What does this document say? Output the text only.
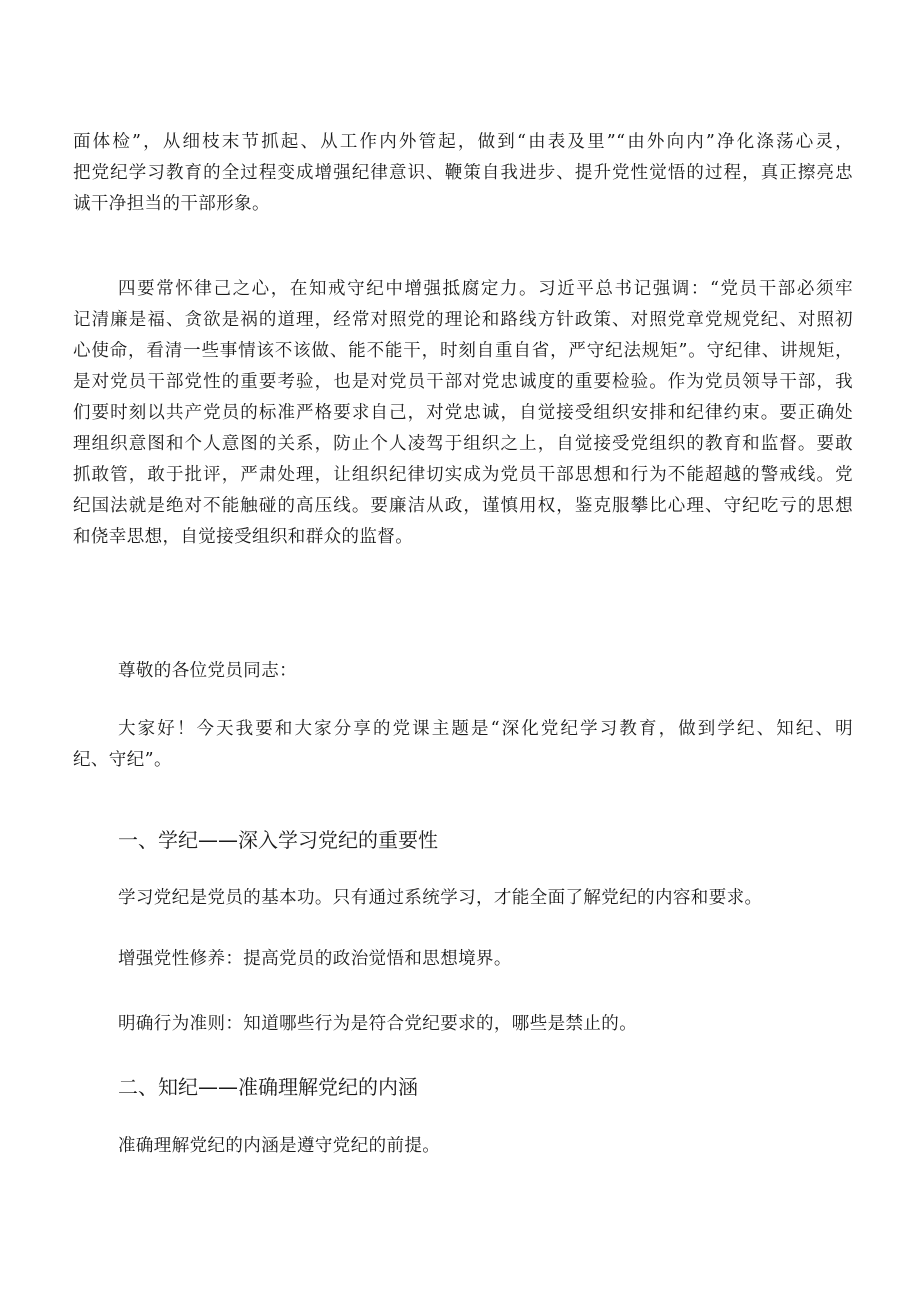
面体检”，从细枝末节抓起、从工作内外管起，做到“由表及里”“由外向内”净化涤荡心灵，
把党纪学习教育的全过程变成增强纪律意识、鞭策自我进步、提升党性觉悟的过程，真正擦亮忠
诚干净担当的干部形象。
四要常怀律己之心，在知戒守纪中增强抵腐定力。习近平总书记强调：“党员干部必须牢
记清廉是福、贪欲是祸的道理，经常对照党的理论和路线方针政策、对照党章党规党纪、对照初
心使命，看清一些事情该不该做、能不能干，时刻自重自省，严守纪法规矩”。守纪律、讲规矩，
是对党员干部党性的重要考验，也是对党员干部对党忠诚度的重要检验。作为党员领导干部，我
们要时刻以共产党员的标准严格要求自己，对党忠诚，自觉接受组织安排和纪律约束。要正确处
理组织意图和个人意图的关系，防止个人凌驾于组织之上，自觉接受党组织的教育和监督。要敢
抓敢管，敢于批评，严肃处理，让组织纪律切实成为党员干部思想和行为不能超越的警戒线。党
纪国法就是绝对不能触碰的高压线。要廉洁从政，谨慎用权，鉴克服攀比心理、守纪吃亏的思想
和侥幸思想，自觉接受组织和群众的监督。

尊敬的各位党员同志：

大家好！今天我要和大家分享的党课主题是“深化党纪学习教育，做到学纪、知纪、明
纪、守纪”。
一、学纪——深入学习党纪的重要性

学习党纪是党员的基本功。只有通过系统学习，才能全面了解党纪的内容和要求。

增强党性修养：提高党员的政治觉悟和思想境界。

明确行为准则：知道哪些行为是符合党纪要求的，哪些是禁止的。

二、知纪——准确理解党纪的内涵

准确理解党纪的内涵是遵守党纪的前提。
